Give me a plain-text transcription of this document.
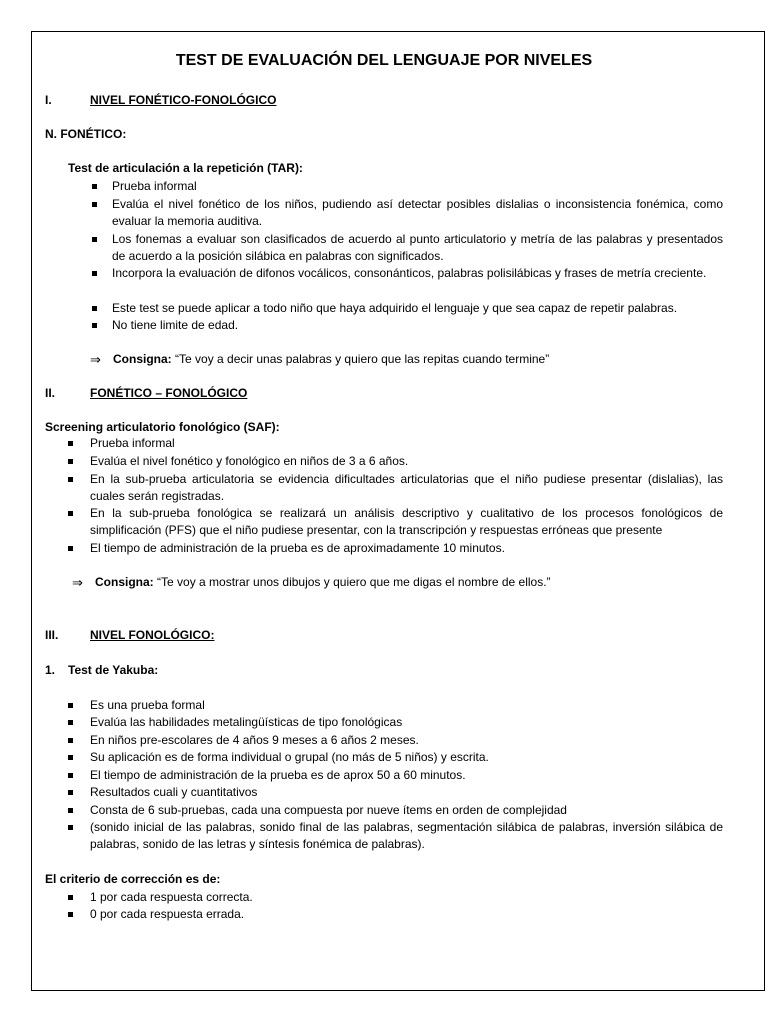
TEST DE EVALUACIÓN DEL LENGUAJE POR NIVELES
I.	NIVEL FONÉTICO-FONOLÓGICO
N. FONÉTICO:
Test de articulación a la repetición (TAR):
Prueba informal
Evalúa el nivel fonético de los niños, pudiendo así detectar posibles dislalias o inconsistencia fonémica, como evaluar la memoria auditiva.
Los fonemas a evaluar son clasificados de acuerdo al punto articulatorio y metría de las palabras y presentados de acuerdo a la posición silábica en palabras con significados.
Incorpora la evaluación de difonos vocálicos, consonánticos, palabras polisilábicas y frases de metría creciente.
Este test se puede aplicar a todo niño que haya adquirido el lenguaje y que sea capaz de repetir palabras.
No tiene limite de edad.
⇒ Consigna: “Te voy a decir unas palabras y quiero que las repitas cuando termine”
II.	FONÉTICO – FONOLÓGICO
Screening articulatorio fonológico (SAF):
Prueba informal
Evalúa el nivel fonético y fonológico en niños de 3 a 6 años.
En la sub-prueba articulatoria se evidencia dificultades articulatorias que el niño pudiese presentar (dislalias), las cuales serán registradas.
En la sub-prueba fonológica se realizará un análisis descriptivo y cualitativo de los procesos fonológicos de simplificación (PFS) que el niño pudiese presentar, con la transcripción y respuestas erróneas que presente
El tiempo de administración de la prueba es de aproximadamente 10 minutos.
⇒ Consigna: “Te voy a mostrar unos dibujos y quiero que me digas el nombre de ellos.”
III.	NIVEL FONOLÓGICO:
1. Test de Yakuba:
Es una prueba formal
Evalúa las habilidades metalingüísticas de tipo fonológicas
En niños pre-escolares de 4 años 9 meses a 6 años 2 meses.
Su aplicación es de forma individual o grupal (no más de 5 niños) y escrita.
El tiempo de administración de la prueba es de aprox 50 a 60 minutos.
Resultados cuali y cuantitativos
Consta de 6 sub-pruebas, cada una compuesta por nueve ítems en orden de complejidad
(sonido inicial de las palabras, sonido final de las palabras, segmentación silábica de palabras, inversión silábica de palabras, sonido de las letras y síntesis fonémica de palabras).
El criterio de corrección es de:
1 por cada respuesta correcta.
0 por cada respuesta errada.
